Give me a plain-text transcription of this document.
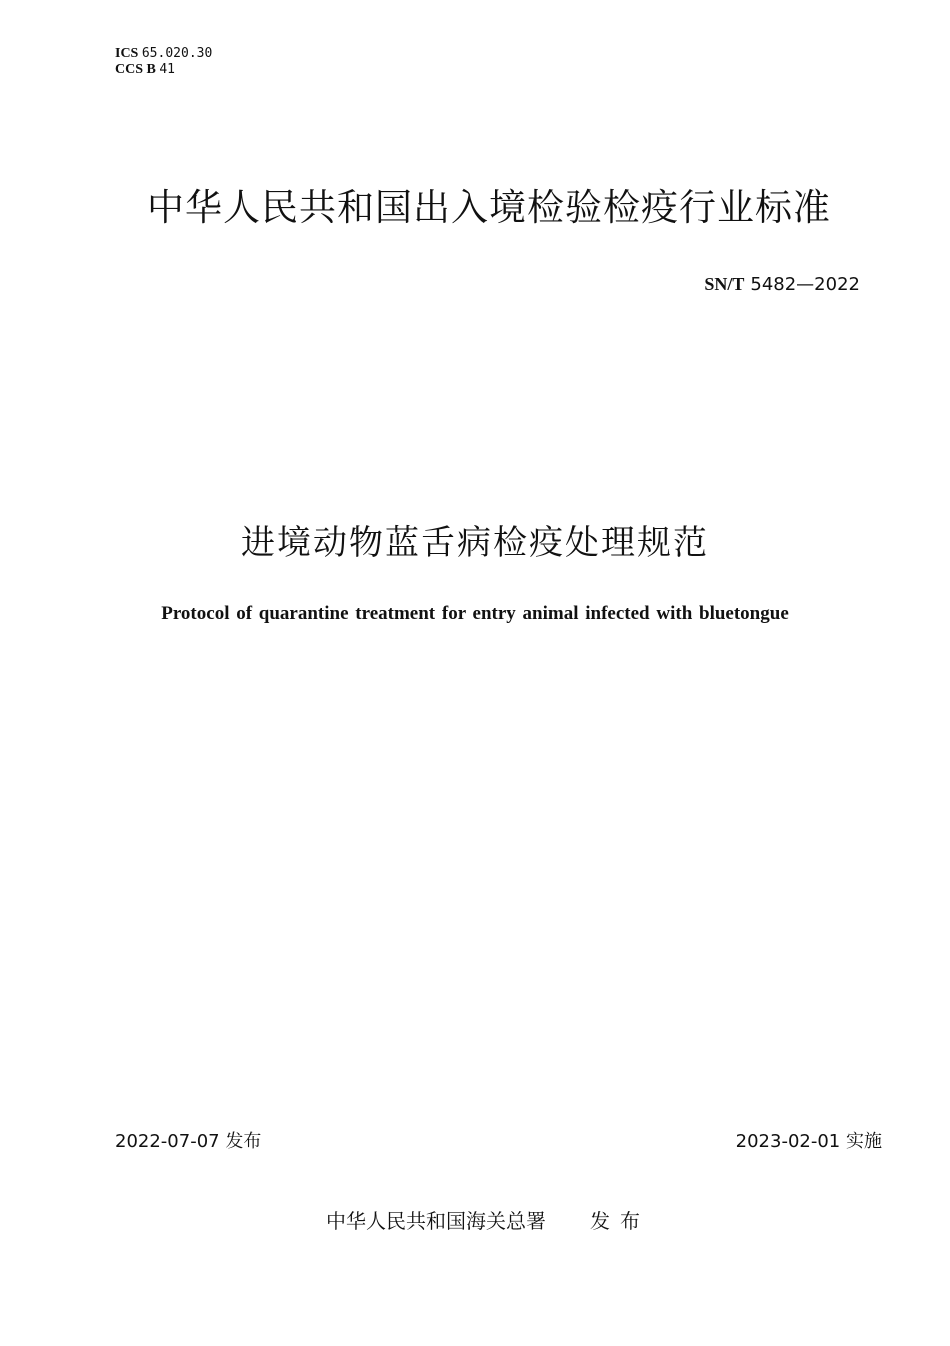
ICS 65.020.30
CCS B 41
中华人民共和国出入境检验检疫行业标准
SN/T 5482—2022
进境动物蓝舌病检疫处理规范
Protocol of quarantine treatment for entry animal infected with bluetongue
2022-07-07 发布	2023-02-01 实施
中华人民共和国海关总署 发布
